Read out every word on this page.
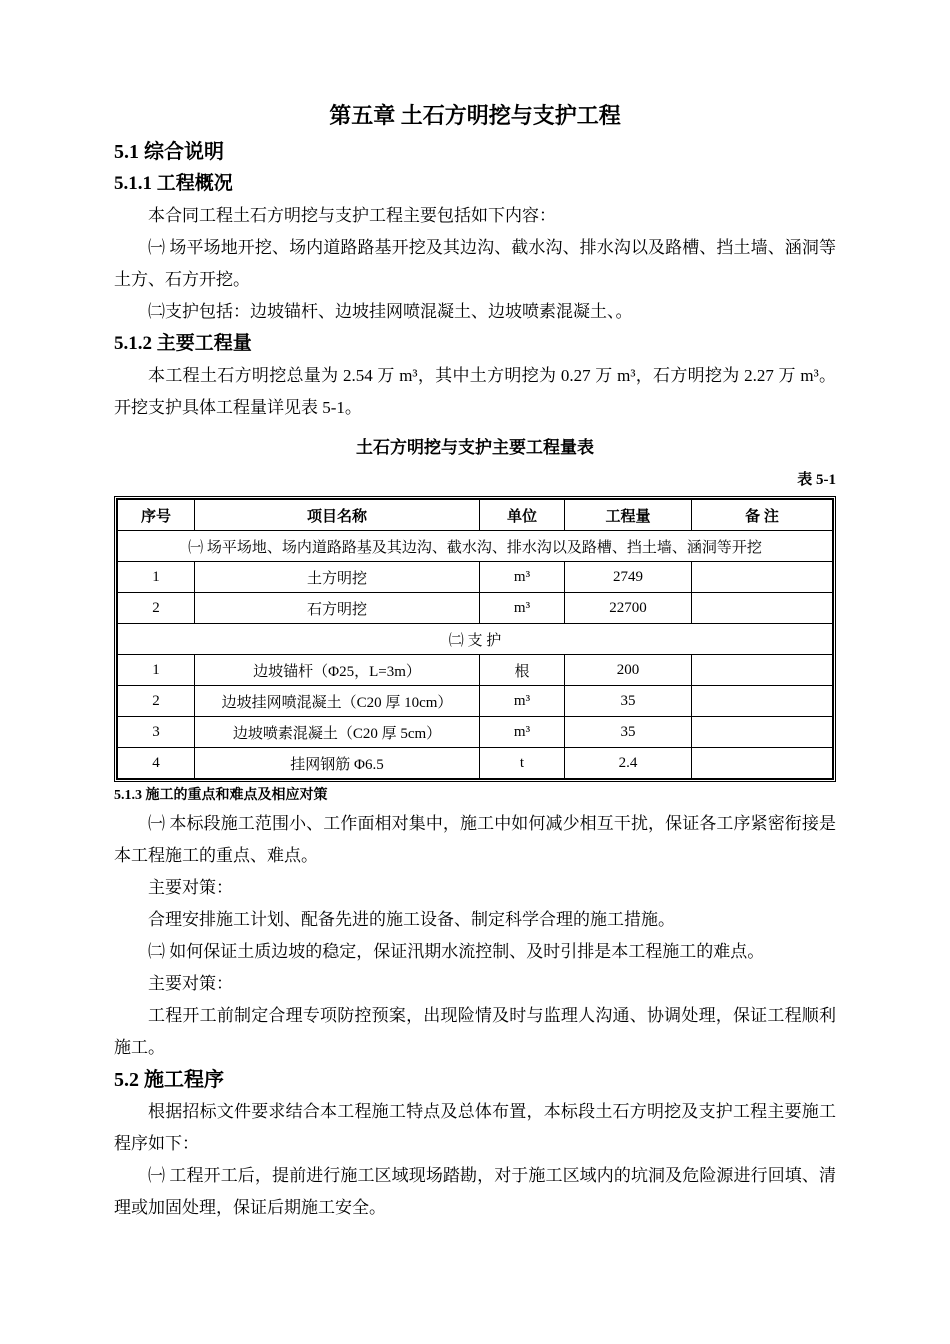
第五章 土石方明挖与支护工程
5.1 综合说明
5.1.1 工程概况

本合同工程土石方明挖与支护工程主要包括如下内容：

㈠ 场平场地开挖、场内道路路基开挖及其边沟、截水沟、排水沟以及路槽、挡土墙、涵洞等土方、石方开挖。

㈡支护包括：边坡锚杆、边坡挂网喷混凝土、边坡喷素混凝土、。

5.1.2 主要工程量

本工程土石方明挖总量为 2.54 万 m³，其中土方明挖为 0.27 万 m³，石方明挖为 2.27 万 m³。开挖支护具体工程量详见表 5-1。

土石方明挖与支护主要工程量表
表 5-1
序号	项目名称	单位	工程量	备 注
㈠ 场平场地、场内道路路基及其边沟、截水沟、排水沟以及路槽、挡土墙、涵洞等开挖				
1	土方明挖	m³	2749	
2	石方明挖	m³	22700	
㈡ 支 护				
1	边坡锚杆（Φ25，L=3m）	根	200	
2	边坡挂网喷混凝土（C20 厚 10cm）	m³	35	
3	边坡喷素混凝土（C20 厚 5cm）	m³	35	
4	挂网钢筋 Φ6.5	t	2.4	
5.1.3 施工的重点和难点及相应对策

㈠ 本标段施工范围小、工作面相对集中，施工中如何减少相互干扰，保证各工序紧密衔接是本工程施工的重点、难点。

主要对策：

合理安排施工计划、配备先进的施工设备、制定科学合理的施工措施。

㈡ 如何保证土质边坡的稳定，保证汛期水流控制、及时引排是本工程施工的难点。

主要对策：

工程开工前制定合理专项防控预案，出现险情及时与监理人沟通、协调处理，保证工程顺利施工。

5.2 施工程序

根据招标文件要求结合本工程施工特点及总体布置，本标段土石方明挖及支护工程主要施工程序如下：

㈠ 工程开工后，提前进行施工区域现场踏勘，对于施工区域内的坑洞及危险源进行回填、清理或加固处理，保证后期施工安全。
